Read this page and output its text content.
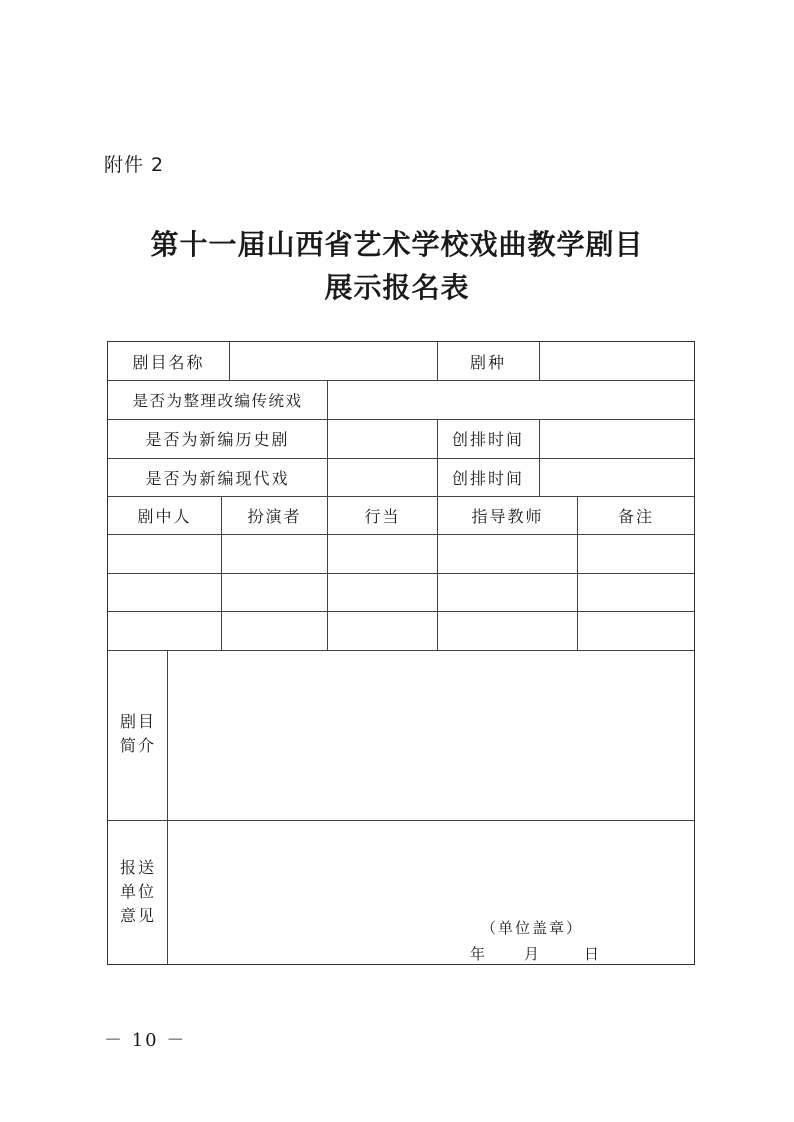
附件 2
第十一届山西省艺术学校戏曲教学剧目
展示报名表
剧目名称	剧种
是否为整理改编传统戏
是否为新编历史剧	创排时间
是否为新编现代戏	创排时间
剧中人	扮演者	行当	指导教师	备注
剧目
简介
报送
单位
意见
（单位盖章）
年 月	日
－ 10 －
